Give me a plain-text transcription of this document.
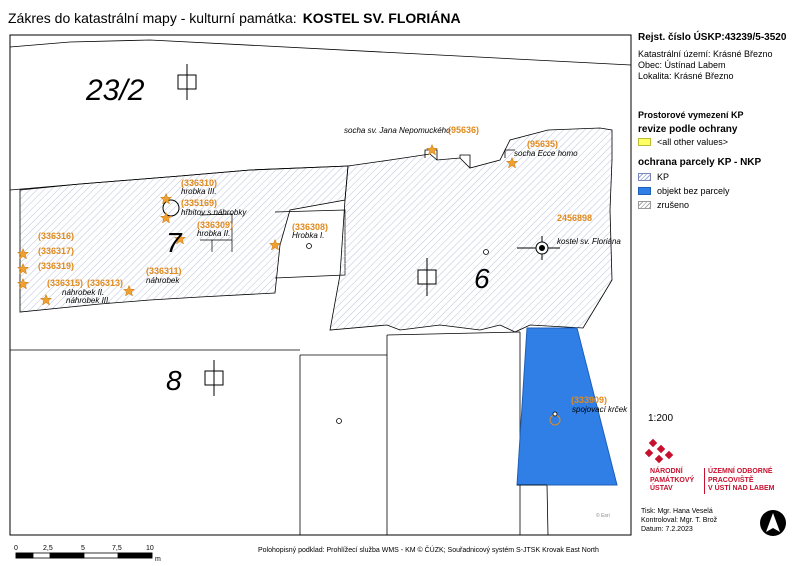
Zákres do katastrální mapy - kulturní památka: KOSTEL SV. FLORIÁNA
23/2
7
6
8
socha sv. Jana Nepomuckého
socha Ecce homo
kostel sv. Floriána
hrobka III.
hřbitov s náhrobky
hrobka II.	Hrobka I.
náhrobek
náhrobek II.
náhrobek III.
spojovací krček
(95636)
(95635)
2456898
(336310)
(335169)
(336309)	(336308)
(336311)
(336315) (336313)
(336316)
(336317)
(336319)
(333909)
© Esri
Rejst. číslo ÚSKP:43239/5-3520
Katastrální území: Krásné Březno
Obec: Ústínad Labem
Lokalita: Krásné Březno
Prostorové vymezení KP
revize podle ochrany
<all other values>
ochrana parcely KP - NKP
KP
objekt bez parcely
zrušeno
1:200
NÁRODNÍ
PAMÁTKOVÝ
ÚSTAV
ÚZEMNÍ ODBORNÉ
PRACOVIŠTĚ
V ÚSTÍ NAD LABEM
Tisk: Mgr. Hana Veselá
Kontroloval: Mgr. T. Brož
Datum: 7.2.2023
0	2,5	5	7,5	10
m
Polohopisný podklad: Prohlížecí služba WMS - KM © ČÚZK; Souřadnicový systém S-JTSK Krovak East North
